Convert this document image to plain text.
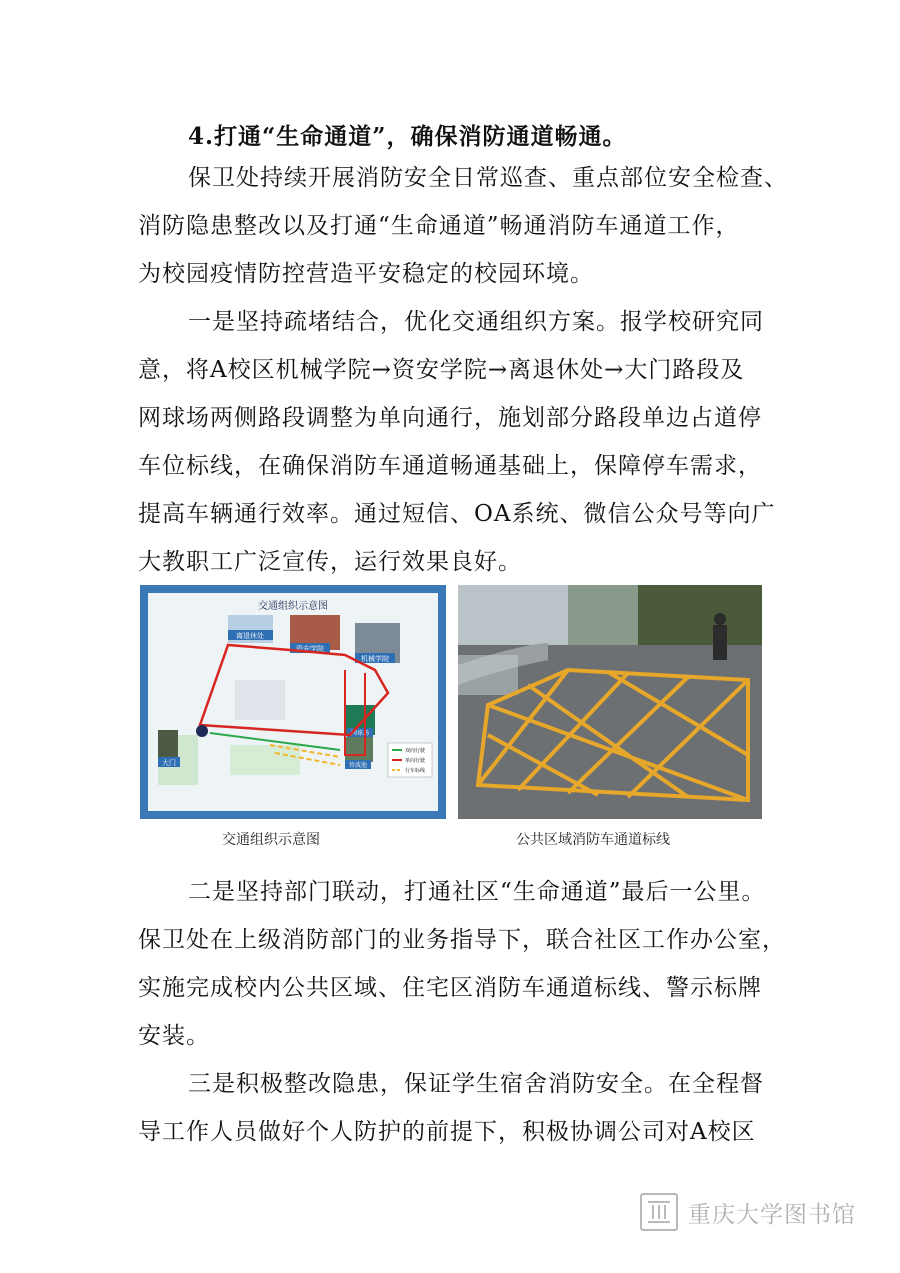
4.打通“生命通道”，确保消防通道畅通。
保卫处持续开展消防安全日常巡查、重点部位安全检查、
消防隐患整改以及打通“生命通道”畅通消防车通道工作，
为校园疫情防控营造平安稳定的校园环境。
一是坚持疏堵结合，优化交通组织方案。报学校研究同
意，将A校区机械学院→资安学院→离退休处→大门路段及
网球场两侧路段调整为单向通行，施划部分路段单边占道停
车位标线，在确保消防车通道畅通基础上，保障停车需求，
提高车辆通行效率。通过短信、OA系统、微信公众号等向广
大教职工广泛宣传，运行效果良好。
交通组织示意图
离退休处
资安学院
机械学院
网球场
大门	铃波池
双向行驶
单向行驶
行车标线
交通组织示意图	公共区域消防车通道标线
二是坚持部门联动，打通社区“生命通道”最后一公里。
保卫处在上级消防部门的业务指导下，联合社区工作办公室，
实施完成校内公共区域、住宅区消防车通道标线、警示标牌
安装。
三是积极整改隐患，保证学生宿舍消防安全。在全程督
导工作人员做好个人防护的前提下，积极协调公司对A校区
重庆大学图书馆
